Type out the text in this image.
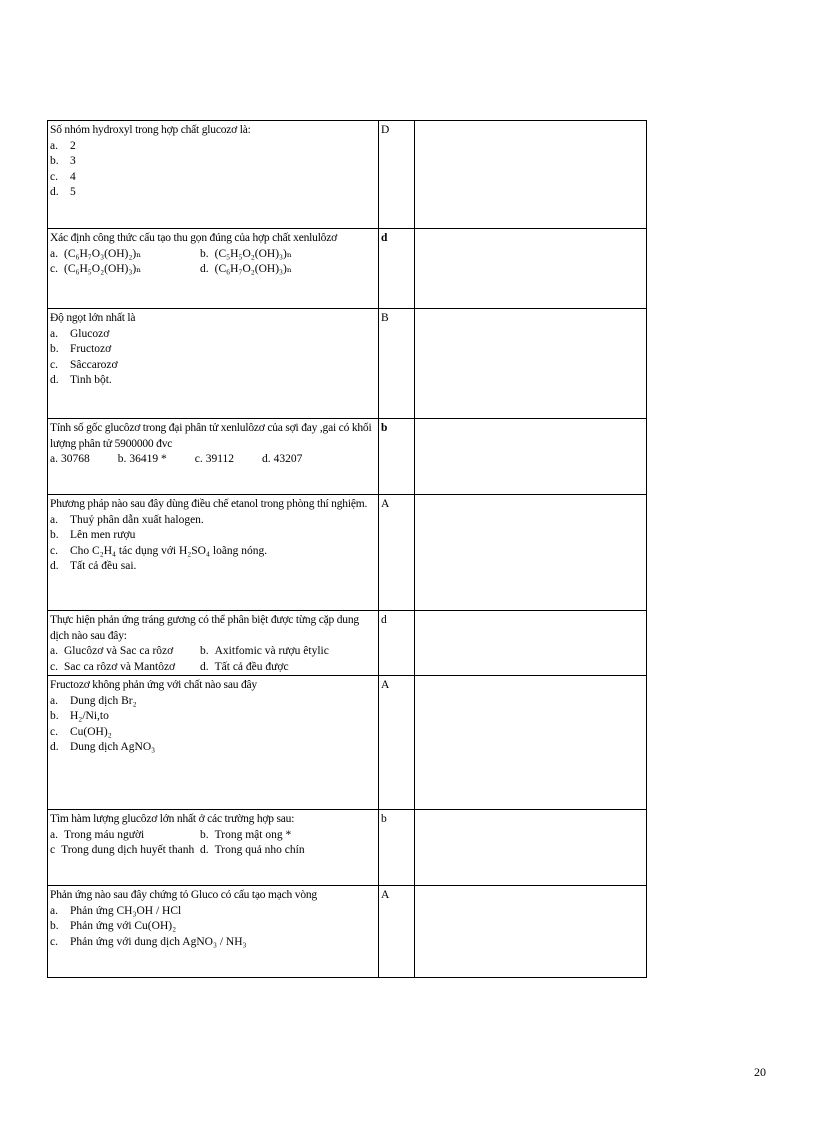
Số nhóm hydroxyl trong hợp chất glucozơ là:
a. 2
b. 3
c. 4
d. 5	D	

Xác định công thức cấu tạo thu gọn đúng của hợp chất xenlulôzơ
a. (C₆H₇O₃(OH)₂)ₙ b. (C₅H₅O₂(OH)₃)ₙ
c. (C₆H₅O₂(OH)₃)ₙ d. (C₆H₇O₂(OH)₃)ₙ	d	

Độ ngọt lớn nhất là
a. Glucozơ
b. Fructozơ
c. Sâccarozơ
d. Tinh bột.	B	

Tính số gốc glucôzơ trong đại phân tử xenlulôzơ của sợi đay ,gai có khối lượng phân tử 5900000 đvc
a. 30768 b. 36419 * c. 39112 d. 43207	b	

Phương pháp nào sau đây dùng điều chế etanol trong phòng thí nghiệm.
a. Thuỷ phân dẫn xuất halogen.
b. Lên men rượu
c. Cho C₂H₄ tác dụng với H₂SO₄ loãng nóng.
d. Tất cả đều sai.	A	

Thực hiện phản ứng tráng gương có thể phân biệt được từng cặp dung dịch nào sau đây:
a. Glucôzơ và Sac ca rôzơ b. Axitfomic và rượu êtylic
c. Sac ca rôzơ và Mantôzơ d. Tất cả đều được	d	

Fructozơ không phản ứng với chất nào sau đây
a. Dung dịch Br₂
b. H₂/Ni,to
c. Cu(OH)₂
d. Dung dịch AgNO₃	A	

Tìm hàm lượng glucôzơ lớn nhất ở các trường hợp sau:
a. Trong máu người b. Trong mật ong *
c Trong dung dịch huyết thanh d. Trong quả nho chín	b	

Phản ứng nào sau đây chứng tỏ Gluco có cấu tạo mạch vòng
a. Phản ứng CH₃OH / HCl
b. Phản ứng với Cu(OH)₂
c. Phản ứng với dung dịch AgNO₃ / NH₃	A	

20
